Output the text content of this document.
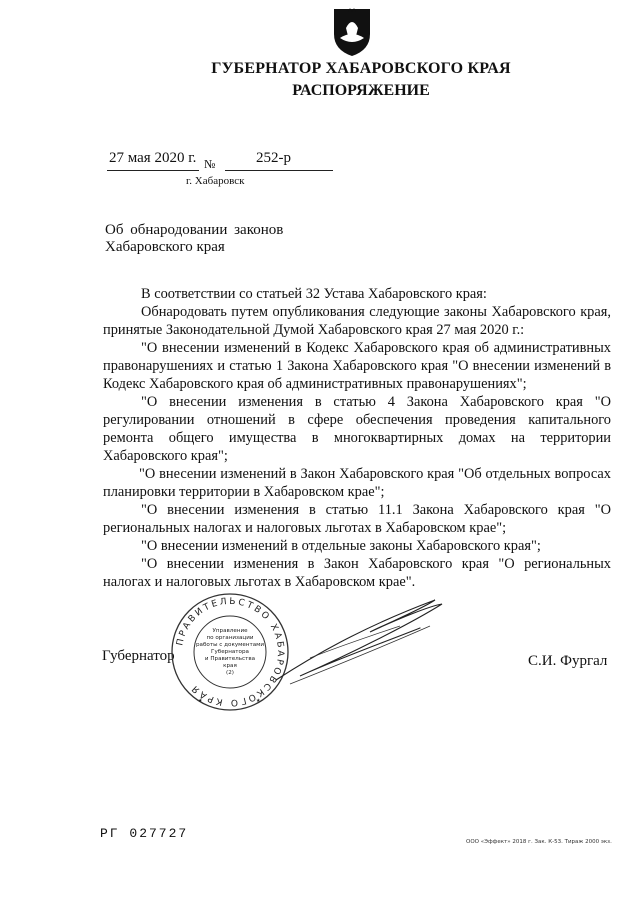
ГУБЕРНАТОР ХАБАРОВСКОГО КРАЯ
РАСПОРЯЖЕНИЕ
27 мая 2020 г. №	252-р
г. Хабаровск
Об обнародовании законов
Хабаровского края

В соответствии со статьей 32 Устава Хабаровского края:

Обнародовать путем опубликования следующие законы Хабаровского края, принятые Законодательной Думой Хабаровского края 27 мая 2020 г.:

"О внесении изменений в Кодекс Хабаровского края об административных правонарушениях и статью 1 Закона Хабаровского края "О внесении изменений в Кодекс Хабаровского края об административных правонарушениях";

"О внесении изменения в статью 4 Закона Хабаровского края "О регулировании отношений в сфере обеспечения проведения капитального ремонта общего имущества в многоквартирных домах на территории Хабаровского края";

"О внесении изменений в Закон Хабаровского края "Об отдельных вопросах планировки территории в Хабаровском крае";

"О внесении изменения в статью 11.1 Закона Хабаровского края "О региональных налогах и налоговых льготах в Хабаровском крае";

"О внесении изменений в отдельные законы Хабаровского края";

"О внесении изменения в Закон Хабаровского края "О региональных налогах и налоговых льготах в Хабаровском крае".

Губернатор	С.И. Фургал
ПРАВИТЕЛЬСТВО ХАБАРОВСКОГО КРАЯ
Управление
по организации
работы с документами
Губернатора
и Правительства
края
(2)
★	★
РГ 027727
ООО «Эффект» 2018 г. Зак. К-53. Тираж 2000 экз.
